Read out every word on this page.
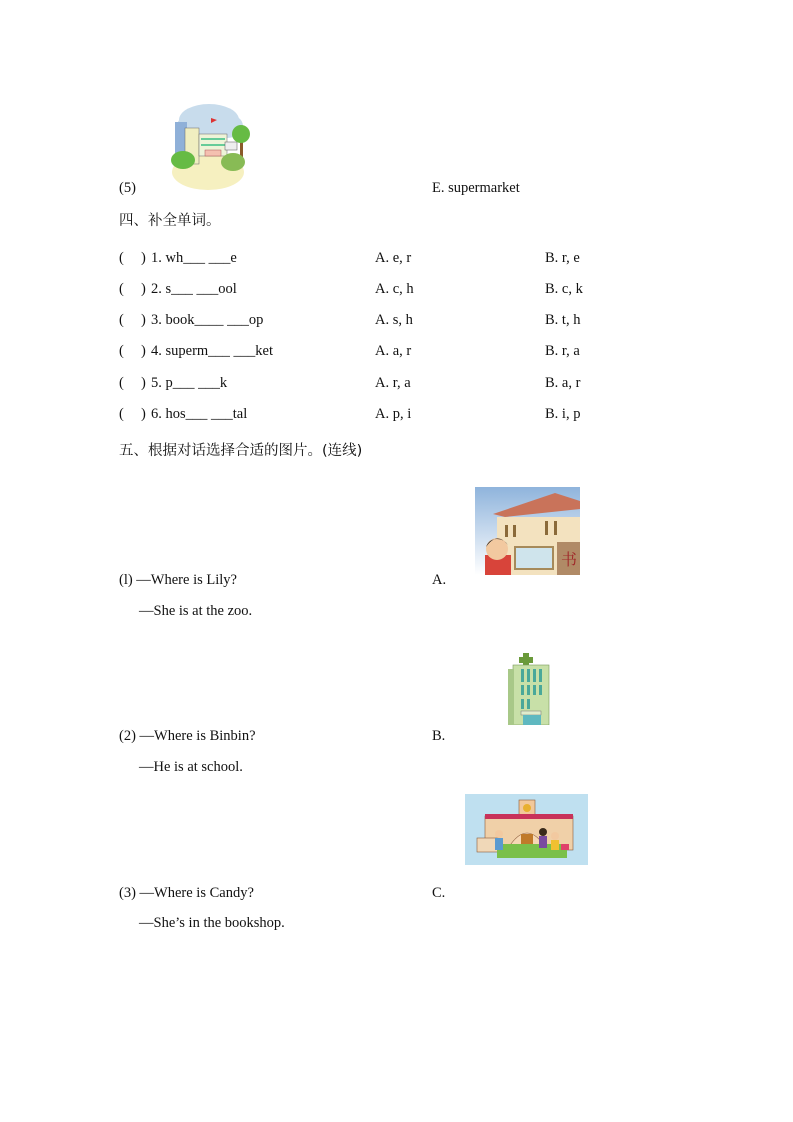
(5)	E. supermarket
四、补全单词。
( ) 1. wh___ ___e	A. e, r	B. r, e
( ) 2. s___ ___ool	A. c, h	B. c, k
( ) 3. book____ ___op	A. s, h	B. t, h
( ) 4. superm___ ___ket	A. a, r	B. r, a
( ) 5. p___ ___k	A. r, a	B. a, r
( ) 6. hos___ ___tal	A. p, i	B. i, p
五、根据对话选择合适的图片。(连线)
书
(l) —Where is Lily?	A.
—She is at the zoo.
(2) —Where is Binbin?	B.
—He is at school.
(3) —Where is Candy?	C.
—She’s in the bookshop.
